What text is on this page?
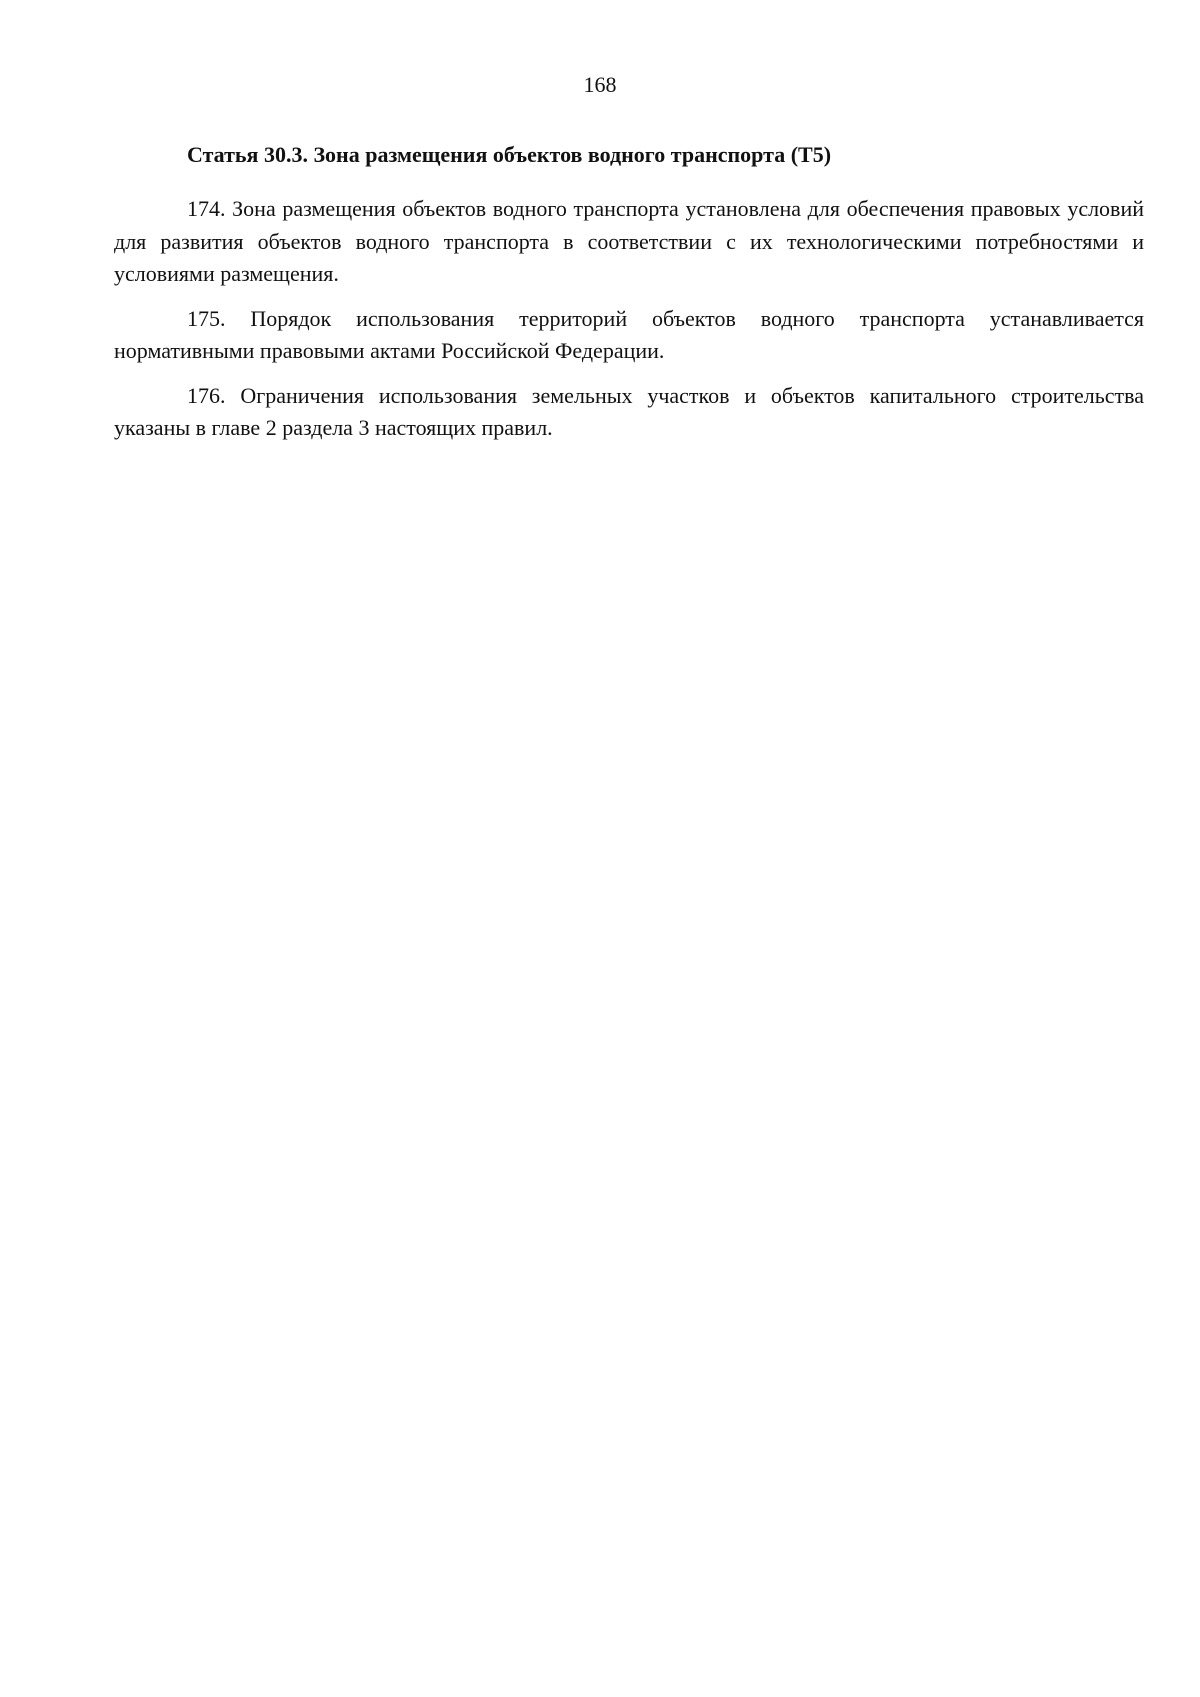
168
Статья 30.3. Зона размещения объектов водного транспорта (Т5)

174. Зона размещения объектов водного транспорта установлена для обеспечения правовых условий для развития объектов водного транспорта в соответствии с их технологическими потребностями и условиями размещения.

175. Порядок использования территорий объектов водного транспорта устанавливается нормативными правовыми актами Российской Федерации.

176. Ограничения использования земельных участков и объектов капитального строительства указаны в главе 2 раздела 3 настоящих правил.
